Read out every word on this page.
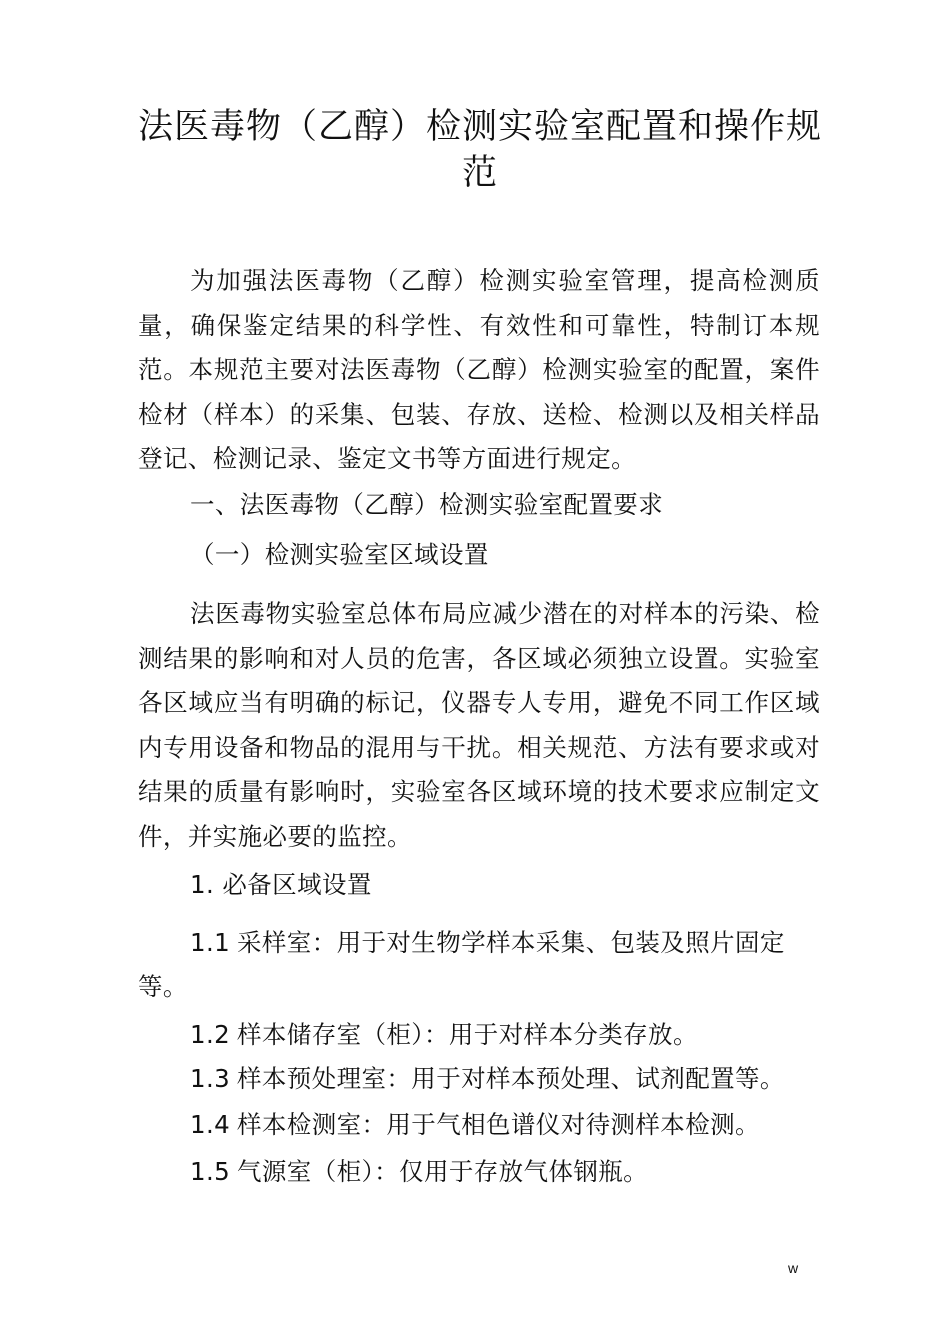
法医毒物（乙醇）检测实验室配置和操作规范

为加强法医毒物（乙醇）检测实验室管理，提高检测质量，确保鉴定结果的科学性、有效性和可靠性，特制订本规范。本规范主要对法医毒物（乙醇）检测实验室的配置，案件检材（样本）的采集、包装、存放、送检、检测以及相关样品登记、检测记录、鉴定文书等方面进行规定。

一、法医毒物（乙醇）检测实验室配置要求

（一）检测实验室区域设置

法医毒物实验室总体布局应减少潜在的对样本的污染、检测结果的影响和对人员的危害，各区域必须独立设置。实验室各区域应当有明确的标记，仪器专人专用，避免不同工作区域内专用设备和物品的混用与干扰。相关规范、方法有要求或对结果的质量有影响时，实验室各区域环境的技术要求应制定文件，并实施必要的监控。

1. 必备区域设置

1.1 采样室：用于对生物学样本采集、包装及照片固定

等。

1.2 样本储存室（柜）：用于对样本分类存放。

1.3 样本预处理室：用于对样本预处理、试剂配置等。

1.4 样本检测室：用于气相色谱仪对待测样本检测。

1.5 气源室（柜）：仅用于存放气体钢瓶。

w
